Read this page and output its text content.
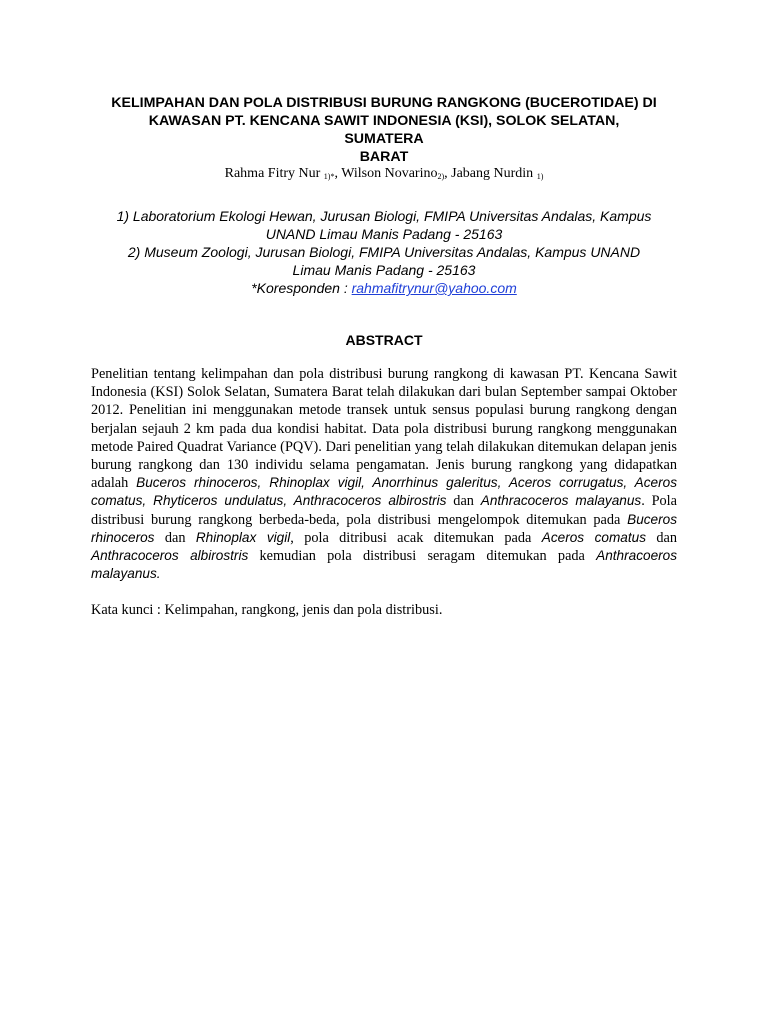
KELIMPAHAN DAN POLA DISTRIBUSI BURUNG RANGKONG (BUCEROTIDAE) DI
KAWASAN PT. KENCANA SAWIT INDONESIA (KSI), SOLOK SELATAN,
SUMATERA
BARAT
Rahma Fitry Nur 1)*, Wilson Novarino2), Jabang Nurdin 1)
1) Laboratorium Ekologi Hewan, Jurusan Biologi, FMIPA Universitas Andalas, Kampus
UNAND Limau Manis Padang - 25163
2) Museum Zoologi, Jurusan Biologi, FMIPA Universitas Andalas, Kampus UNAND
Limau Manis Padang - 25163
*Koresponden : rahmafitrynur@yahoo.com
ABSTRACT

Penelitian tentang kelimpahan dan pola distribusi burung rangkong di kawasan PT. Kencana Sawit Indonesia (KSI) Solok Selatan, Sumatera Barat telah dilakukan dari bulan September sampai Oktober 2012. Penelitian ini menggunakan metode transek untuk sensus populasi burung rangkong dengan berjalan sejauh 2 km pada dua kondisi habitat. Data pola distribusi burung rangkong menggunakan metode Paired Quadrat Variance (PQV). Dari penelitian yang telah dilakukan ditemukan delapan jenis burung rangkong dan 130 individu selama pengamatan. Jenis burung rangkong yang didapatkan adalah Buceros rhinoceros, Rhinoplax vigil, Anorrhinus galeritus, Aceros corrugatus, Aceros comatus, Rhyticeros undulatus, Anthracoceros albirostris dan Anthracoceros malayanus. Pola distribusi burung rangkong berbeda-beda, pola distribusi mengelompok ditemukan pada Buceros rhinoceros dan Rhinoplax vigil, pola ditribusi acak ditemukan pada Aceros comatus dan Anthracoceros albirostris kemudian pola distribusi seragam ditemukan pada Anthracoeros malayanus.

Kata kunci : Kelimpahan, rangkong, jenis dan pola distribusi.
